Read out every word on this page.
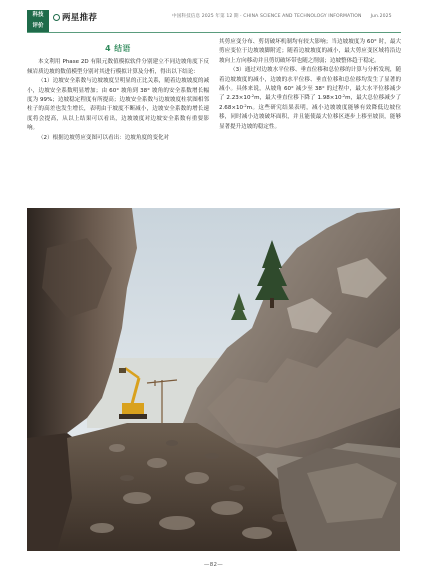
科技
评价
两星推荐	中国科技信息 2025 年第 12 期 · CHINA SCIENCE AND TECHNOLOGY INFORMATION Jun.2025
4 结语

本文利用 Phase 2D 有限元数值模拟软件分别建立不同边坡角度下反倾岩质边坡的数值模型分别对其进行模拟计算及分析，得出以下结论：

（1）边坡安全系数与边坡坡度呈明显的正比关系，随着边坡坡度的减小，边坡安全系数明显增加；由 60° 坡角到 38° 坡角的安全系数增长幅度为 99%；边坡稳定程度有所提高；边坡安全系数与边坡坡度柱状图相邻柱子的高差也发生增长，表明由于坡度不断减小，边坡安全系数的增长速度将会提高，从以上结果可以看出，边坡坡度对边坡安全系数有重要影响。

（2）根据边坡剪应变图可以看出：边坡角度的变化对

其剪应变分布、剪切破坏机制均有较大影响；当边坡坡度为 60° 时，最大剪应变位于边坡坡脚附近；随着边坡坡度的减小，最大剪应变区域将沿边坡向上方向移动并且剪切破坏带也随之削弱；边坡整体趋于稳定。

（3）通过对边坡水平位移、垂直位移和总位移的计算与分析发现，随着边坡坡度的减小，边坡的水平位移、垂直位移和总位移均发生了显著的减小。具体来说，从坡角 60° 减少至 38° 的过程中，最大水平位移减少了 $2.23\times 10^{-2}m$，最大垂直位移下降了 $1.98\times 10^{-2}m$，最大总位移减少了 $2.68\times 10^{-2}m$。这些研究结果表明，减小边坡坡度能够有效降低边坡位移，同时减小边坡破坏面积，并且能使最大位移区逐步上移至坡顶，能够显著提升边坡的稳定性。

—82—
